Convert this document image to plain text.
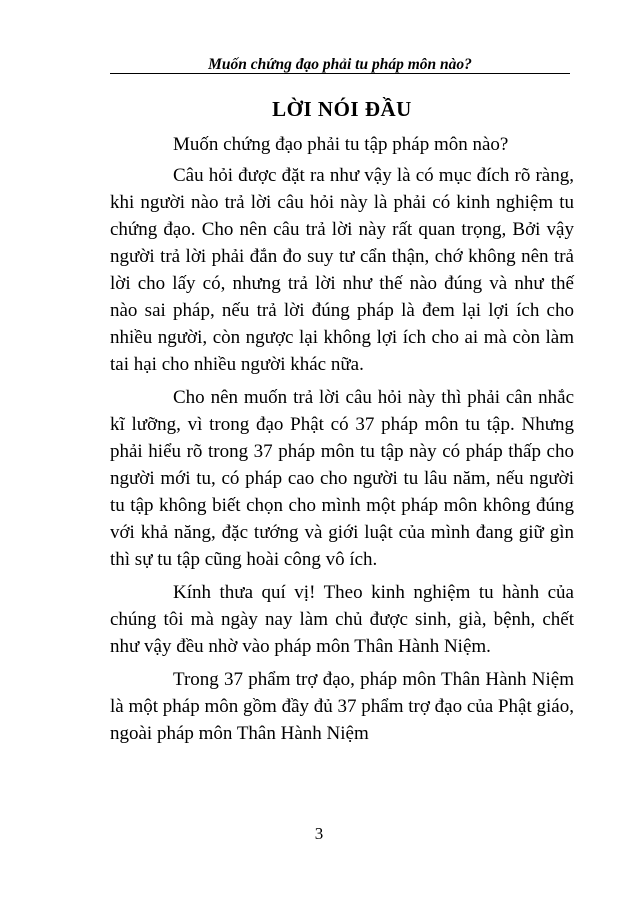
Muốn chứng đạo phải tu pháp môn nào?
LỜI NÓI ĐẦU

Muốn chứng đạo phải tu tập pháp môn nào?

Câu hỏi được đặt ra như vậy là có mục đích rõ ràng, khi người nào trả lời câu hỏi này là phải có kinh nghiệm tu chứng đạo. Cho nên câu trả lời này rất quan trọng, Bởi vậy người trả lời phải đắn đo suy tư cẩn thận, chớ không nên trả lời cho lấy có, nhưng trả lời như thế nào đúng và như thế nào sai pháp, nếu trả lời đúng pháp là đem lại lợi ích cho nhiều người, còn ngược lại không lợi ích cho ai mà còn làm tai hại cho nhiều người khác nữa.

Cho nên muốn trả lời câu hỏi này thì phải cân nhắc kĩ lưỡng, vì trong đạo Phật có 37 pháp môn tu tập. Nhưng phải hiểu rõ trong 37 pháp môn tu tập này có pháp thấp cho người mới tu, có pháp cao cho người tu lâu năm, nếu người tu tập không biết chọn cho mình một pháp môn không đúng với khả năng, đặc tướng và giới luật của mình đang giữ gìn thì sự tu tập cũng hoài công vô ích.

Kính thưa quí vị! Theo kinh nghiệm tu hành của chúng tôi mà ngày nay làm chủ được sinh, già, bệnh, chết như vậy đều nhờ vào pháp môn Thân Hành Niệm.

Trong 37 phẩm trợ đạo, pháp môn Thân Hành Niệm là một pháp môn gồm đầy đủ 37 phẩm trợ đạo của Phật giáo, ngoài pháp môn Thân Hành Niệm

3
